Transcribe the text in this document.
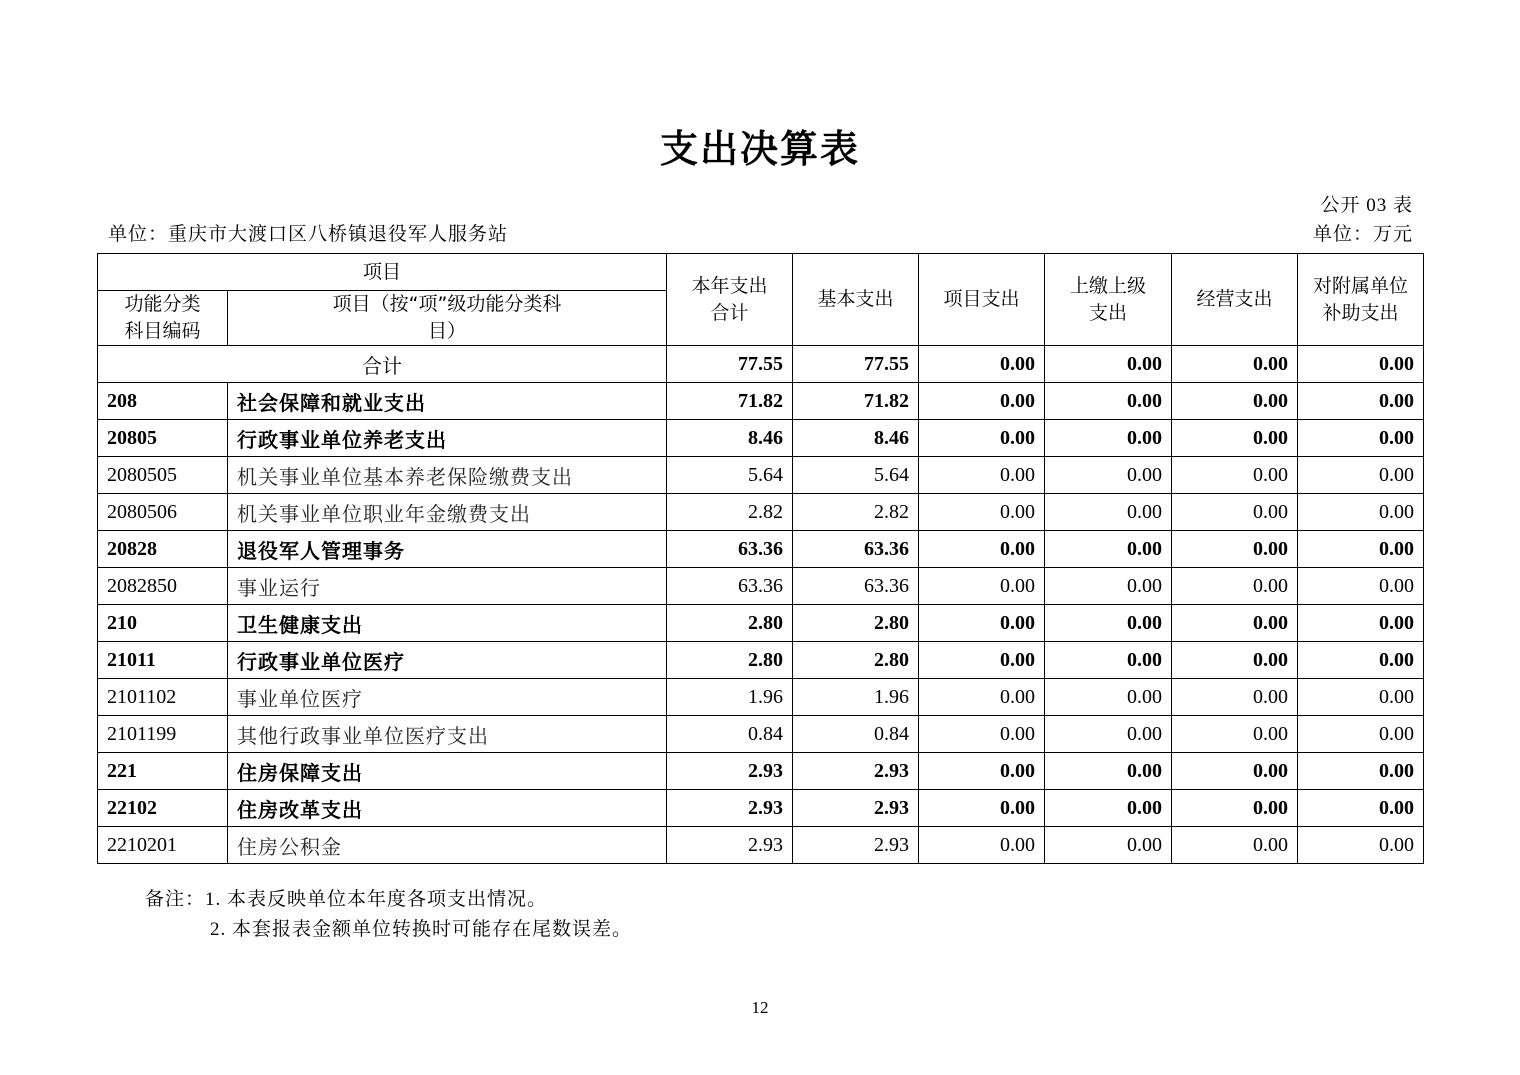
支出决算表
公开 03 表
单位：重庆市大渡口区八桥镇退役军人服务站	单位：万元
项目		本年支出合计	基本支出	项目支出	上缴上级支出	经营支出	对附属单位补助支出

功能分类科目编码	项目（按“项”级功能分类科目）						

合计		77.55	77.55	0.00	0.00	0.00	0.00
208	社会保障和就业支出	71.82	71.82	0.00	0.00	0.00	0.00
20805	行政事业单位养老支出	8.46	8.46	0.00	0.00	0.00	0.00
2080505	机关事业单位基本养老保险缴费支出	5.64	5.64	0.00	0.00	0.00	0.00
2080506	机关事业单位职业年金缴费支出	2.82	2.82	0.00	0.00	0.00	0.00
20828	退役军人管理事务	63.36	63.36	0.00	0.00	0.00	0.00
2082850	事业运行	63.36	63.36	0.00	0.00	0.00	0.00
210	卫生健康支出	2.80	2.80	0.00	0.00	0.00	0.00
21011	行政事业单位医疗	2.80	2.80	0.00	0.00	0.00	0.00
2101102	事业单位医疗	1.96	1.96	0.00	0.00	0.00	0.00
2101199	其他行政事业单位医疗支出	0.84	0.84	0.00	0.00	0.00	0.00
221	住房保障支出	2.93	2.93	0.00	0.00	0.00	0.00
22102	住房改革支出	2.93	2.93	0.00	0.00	0.00	0.00
2210201	住房公积金	2.93	2.93	0.00	0.00	0.00	0.00
备注：1. 本表反映单位本年度各项支出情况。
2. 本套报表金额单位转换时可能存在尾数误差。
12
